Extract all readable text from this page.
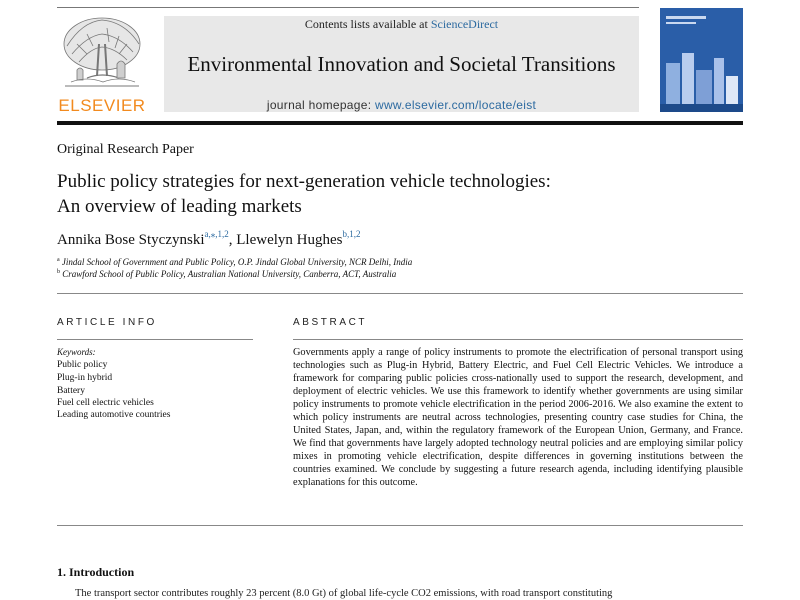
ELSEVIER
Contents lists available at ScienceDirect
Environmental Innovation and Societal Transitions
journal homepage: www.elsevier.com/locate/eist
Original Research Paper
Public policy strategies for next-generation vehicle technologies:
An overview of leading markets
Annika Bose Styczynski$^{a,⁎,1,2}$, Llewelyn Hughes$^{b,1,2}$
$^a$ Jindal School of Government and Public Policy, O.P. Jindal Global University, NCR Delhi, India
$^b$ Crawford School of Public Policy, Australian National University, Canberra, ACT, Australia
ARTICLE INFO
Keywords:
Public policy
Plug-in hybrid
Battery
Fuel cell electric vehicles
Leading automotive countries
ABSTRACT
Governments apply a range of policy instruments to promote the electrification of personal transport using technologies such as Plug-in Hybrid, Battery Electric, and Fuel Cell Electric Vehicles. We introduce a framework for comparing public policies cross-nationally used to support the research, development, and deployment of electric vehicles. We use this framework to identify whether governments are using similar policy instruments to promote vehicle electrification in the period 2006-2016. We also examine the extent to which policy instruments are neutral across technologies, presenting country case studies for China, the United States, Japan, and, within the regulatory framework of the European Union, Germany, and France. We find that governments have largely adopted technology neutral policies and are employing similar policy mixes in promoting vehicle electrification, despite differences in governing institutions between the countries examined. We conclude by suggesting a future research agenda, including identifying plausible explanations for this outcome.
1. Introduction
The transport sector contributes roughly 23 percent (8.0 Gt) of global life-cycle CO2 emissions, with road transport constituting
